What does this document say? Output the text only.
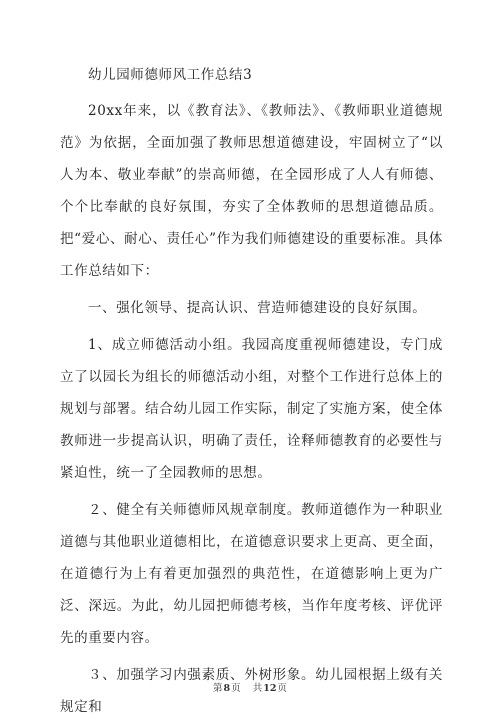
幼儿园师德师风工作总结3

20xx年来，以《教育法》、《教师法》、《教师职业道德规范》为依据，全面加强了教师思想道德建设，牢固树立了“以人为本、敬业奉献”的崇高师德，在全园形成了人人有师德、个个比奉献的良好氛围，夯实了全体教师的思想道德品质。把“爱心、耐心、责任心”作为我们师德建设的重要标准。具体工作总结如下：

一、强化领导、提高认识、营造师德建设的良好氛围。

1、成立师德活动小组。我园高度重视师德建设，专门成立了以园长为组长的师德活动小组，对整个工作进行总体上的规划与部署。结合幼儿园工作实际，制定了实施方案，使全体教师进一步提高认识，明确了责任，诠释师德教育的必要性与紧迫性，统一了全园教师的思想。

２、健全有关师德师风规章制度。教师道德作为一种职业道德与其他职业道德相比，在道德意识要求上更高、更全面，在道德行为上有着更加强烈的典范性，在道德影响上更为广泛、深远。为此，幼儿园把师德考核，当作年度考核、评优评先的重要内容。

３、加强学习内强素质、外树形象。幼儿园根据上级有关规定和

第8页 共12页
